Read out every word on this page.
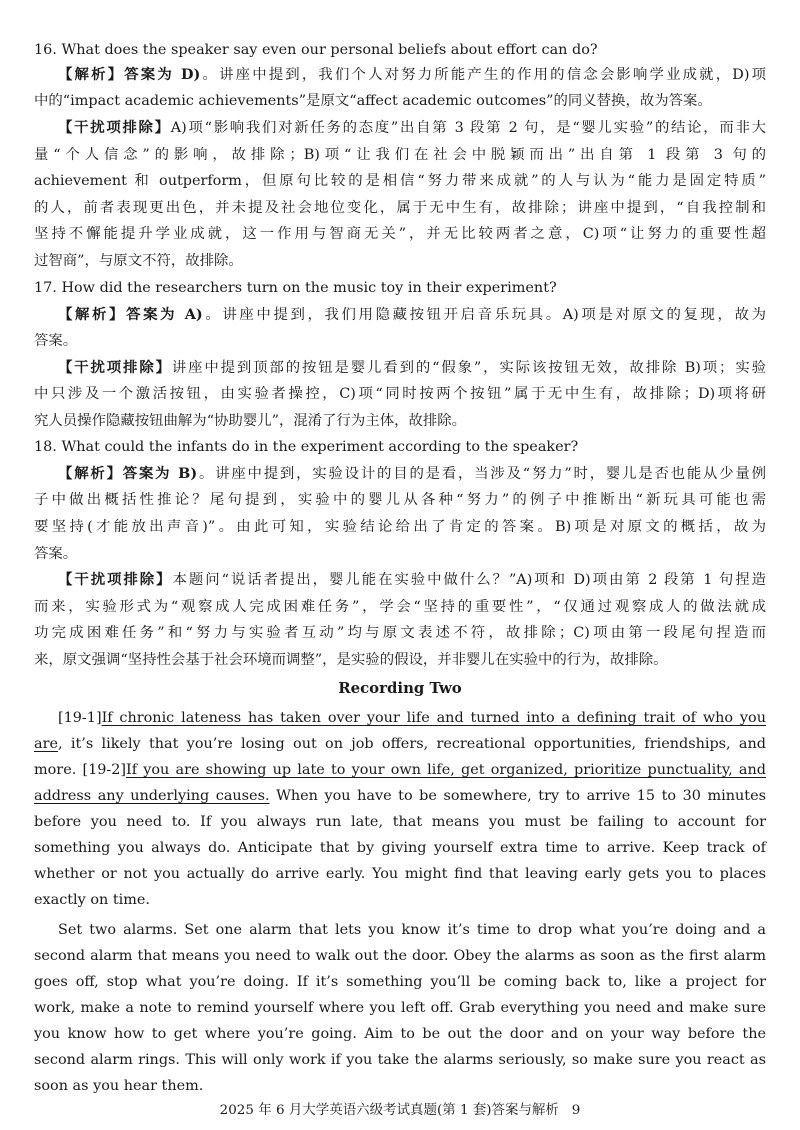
16. What does the speaker say even our personal beliefs about effort can do?
【解析】答案为 D)。讲座中提到，我们个人对努力所能产生的作用的信念会影响学业成就，D)项
中的“impact academic achievements”是原文“affect academic outcomes”的同义替换，故为答案。
【干扰项排除】A)项“影响我们对新任务的态度”出自第 3 段第 2 句，是“婴儿实验”的结论，而非大
量“个人信念”的影响，故排除；B)项“让我们在社会中脱颖而出”出自第 1 段第 3 句的
achievement 和 outperform，但原句比较的是相信“努力带来成就”的人与认为“能力是固定特质”
的人，前者表现更出色，并未提及社会地位变化，属于无中生有，故排除；讲座中提到，“自我控制和
坚持不懈能提升学业成就，这一作用与智商无关”，并无比较两者之意，C)项“让努力的重要性超
过智商”，与原文不符，故排除。
17. How did the researchers turn on the music toy in their experiment?
【解析】答案为 A)。讲座中提到，我们用隐藏按钮开启音乐玩具。A)项是对原文的复现，故为
答案。
【干扰项排除】讲座中提到顶部的按钮是婴儿看到的“假象”，实际该按钮无效，故排除 B)项；实验
中只涉及一个激活按钮，由实验者操控，C)项“同时按两个按钮”属于无中生有，故排除；D)项将研
究人员操作隐藏按钮曲解为“协助婴儿”，混淆了行为主体，故排除。
18. What could the infants do in the experiment according to the speaker?
【解析】答案为 B)。讲座中提到，实验设计的目的是看，当涉及“努力”时，婴儿是否也能从少量例
子中做出概括性推论？尾句提到，实验中的婴儿从各种“努力”的例子中推断出“新玩具可能也需
要坚持(才能放出声音)”。由此可知，实验结论给出了肯定的答案。B)项是对原文的概括，故为
答案。
【干扰项排除】本题问“说话者提出，婴儿能在实验中做什么？”A)项和 D)项由第 2 段第 1 句捏造
而来，实验形式为“观察成人完成困难任务”，学会“坚持的重要性”，“仅通过观察成人的做法就成
功完成困难任务”和“努力与实验者互动”均与原文表述不符，故排除；C)项由第一段尾句捏造而
来，原文强调“坚持性会基于社会环境而调整”，是实验的假设，并非婴儿在实验中的行为，故排除。
Recording Two
[19-1]If chronic lateness has taken over your life and turned into a defining trait of who you
are, it’s likely that you’re losing out on job offers, recreational opportunities, friendships, and
more. [19-2]If you are showing up late to your own life, get organized, prioritize punctuality, and
address any underlying causes. When you have to be somewhere, try to arrive 15 to 30 minutes
before you need to. If you always run late, that means you must be failing to account for
something you always do. Anticipate that by giving yourself extra time to arrive. Keep track of
whether or not you actually do arrive early. You might find that leaving early gets you to places
exactly on time.
Set two alarms. Set one alarm that lets you know it’s time to drop what you’re doing and a
second alarm that means you need to walk out the door. Obey the alarms as soon as the first alarm
goes off, stop what you’re doing. If it’s something you’ll be coming back to, like a project for
work, make a note to remind yourself where you left off. Grab everything you need and make sure
you know how to get where you’re going. Aim to be out the door and on your way before the
second alarm rings. This will only work if you take the alarms seriously, so make sure you react as
soon as you hear them.
2025 年 6 月大学英语六级考试真题(第 1 套)答案与解析 9
